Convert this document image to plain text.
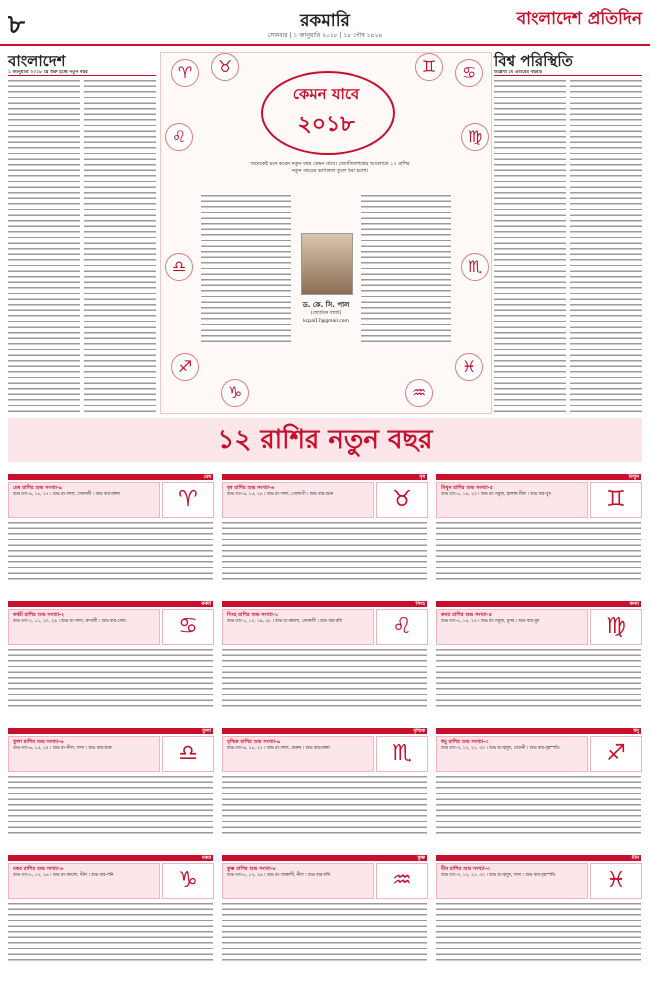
৮	রকমারি
সোমবার | ১ জানুয়ারি ২০১৮ | ১৮ পৌষ ১৪২৪
বাংলাদেশ প্রতিদিন
বাংলাদেশ
১ জানুয়ারি ২০১৮ খ্রি শুরু হচ্ছে নতুন বছর
বিশ্ব পরিস্থিতি
উল্লেখ্য যে এবারের বছরটি
কেমন যাবে
২০১৮
♈	♉	♊	♋
♌	♍
♎	♏
♐
♑	♒
♓
অনেকেই মনে করেন নতুন বছর কেমন যাবে। জ্যোতিষশাস্ত্রের আলোকে ১২ রাশির নতুন বছরের ভাগ্যফল তুলে ধরা হলো।
ড. কে. সি. পাল
(জ্যোতিষ সম্রাট)
kcpal17@gmail.com
১২ রাশির নতুন বছর
মেষ
মেষ রাশির শুভ সংখ্যা-৯
শুভ তাং-৯, ১৮, ২৭ । শুভ রং-লাল, সোনালী । শুভ বার-মঙ্গল	♈
বৃষ
বৃষ রাশির শুভ সংখ্যা-৬
শুভ তাং-৬, ১৫, ২৪ । শুভ রং-সাদা, গোলাপী । শুভ বার-শুক্র	♉
মিথুন
মিথুন রাশির শুভ সংখ্যা-৫
শুভ তাং-৫, ১৪, ২৩ । শুভ রং-সবুজ, হালকা নীল । শুভ বার-বুধ	♊
কর্কট
কর্কট রাশির শুভ সংখ্যা-২
শুভ তাং-২, ১১, ২০, ২৯ । শুভ রং-সাদা, রুপালী । শুভ বার-সোম	♋
সিংহ
সিংহ রাশির শুভ সংখ্যা-১
শুভ তাং-১, ১০, ১৯, ২৮ । শুভ রং-কমলা, সোনালী । শুভ বার-রবি	♌
কন্যা
কন্যা রাশির শুভ সংখ্যা-৫
শুভ তাং-৫, ১৪, ২৩ । শুভ রং-সবুজ, ধূসর । শুভ বার-বুধ	♍
তুলা
তুলা রাশির শুভ সংখ্যা-৬
শুভ তাং-৬, ১৫, ২৪ । শুভ রং-নীল, সাদা । শুভ বার-শুক্র	♎
বৃশ্চিক
বৃশ্চিক রাশির শুভ সংখ্যা-৯
শুভ তাং-৯, ১৮, ২৭ । শুভ রং-লাল, মেরুন । শুভ বার-মঙ্গল	♏
ধনু
ধনু রাশির শুভ সংখ্যা-৩
শুভ তাং-৩, ১২, ২১, ৩০ । শুভ রং-হলুদ, বেগুনী । শুভ বার-বৃহস্পতি	♐
মকর
মকর রাশির শুভ সংখ্যা-৮
শুভ তাং-৮, ১৭, ২৬ । শুভ রং-কালো, নীল । শুভ বার-শনি	♑
কুম্ভ
কুম্ভ রাশির শুভ সংখ্যা-৮
শুভ তাং-৮, ১৭, ২৬ । শুভ রং-আকাশী, নীল । শুভ বার-শনি	♒
মীন
মীন রাশির শুভ সংখ্যা-৩
শুভ তাং-৩, ১২, ২১, ৩০ । শুভ রং-হলুদ, সাদা । শুভ বার-বৃহস্পতি	♓
